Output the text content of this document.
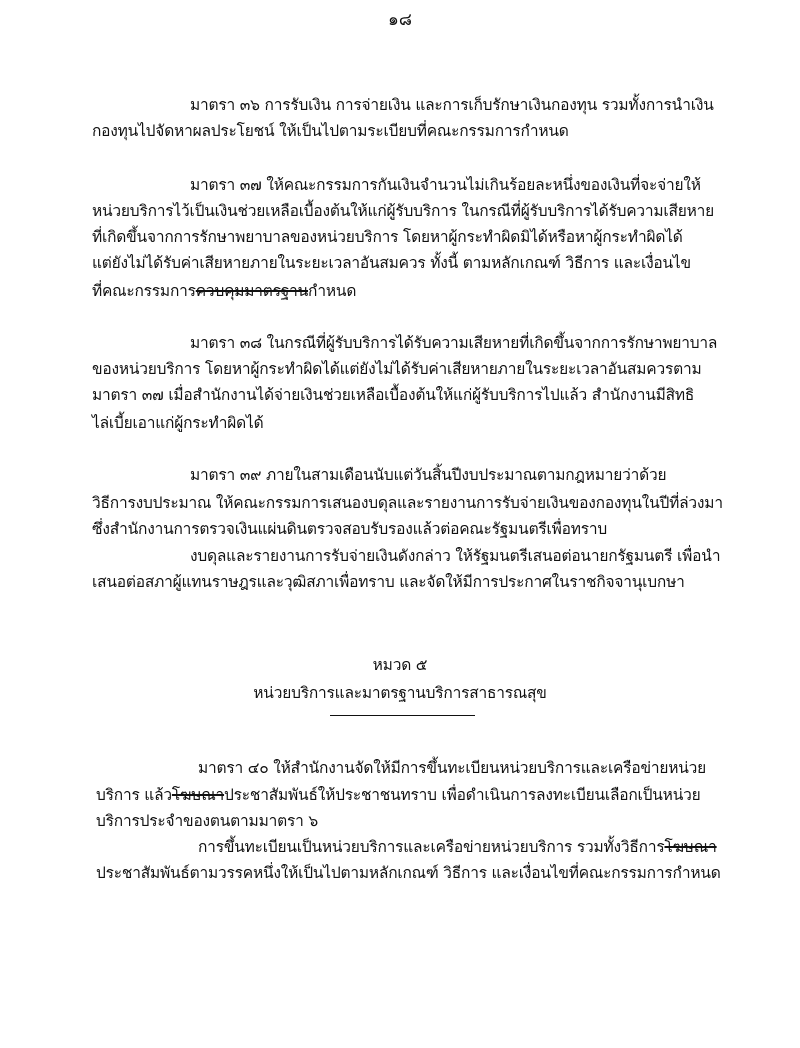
๑๘
มาตรา ๓๖ การรับเงิน การจ่ายเงิน และการเก็บรักษาเงินกองทุน รวมทั้งการนำเงิน
กองทุนไปจัดหาผลประโยชน์ ให้เป็นไปตามระเบียบที่คณะกรรมการกำหนด
มาตรา ๓๗ ให้คณะกรรมการกันเงินจำนวนไม่เกินร้อยละหนึ่งของเงินที่จะจ่ายให้
หน่วยบริการไว้เป็นเงินช่วยเหลือเบื้องต้นให้แก่ผู้รับบริการ ในกรณีที่ผู้รับบริการได้รับความเสียหาย
ที่เกิดขึ้นจากการรักษาพยาบาลของหน่วยบริการ โดยหาผู้กระทำผิดมิได้หรือหาผู้กระทำผิดได้
แต่ยังไม่ได้รับค่าเสียหายภายในระยะเวลาอันสมควร ทั้งนี้ ตามหลักเกณฑ์ วิธีการ และเงื่อนไข
ที่คณะกรรมการควบคุมมาตรฐานกำหนด
มาตรา ๓๘ ในกรณีที่ผู้รับบริการได้รับความเสียหายที่เกิดขึ้นจากการรักษาพยาบาล
ของหน่วยบริการ โดยหาผู้กระทำผิดได้แต่ยังไม่ได้รับค่าเสียหายภายในระยะเวลาอันสมควรตาม
มาตรา ๓๗ เมื่อสำนักงานได้จ่ายเงินช่วยเหลือเบื้องต้นให้แก่ผู้รับบริการไปแล้ว สำนักงานมีสิทธิ
ไล่เบี้ยเอาแก่ผู้กระทำผิดได้
มาตรา ๓๙ ภายในสามเดือนนับแต่วันสิ้นปีงบประมาณตามกฎหมายว่าด้วย
วิธีการงบประมาณ ให้คณะกรรมการเสนองบดุลและรายงานการรับจ่ายเงินของกองทุนในปีที่ล่วงมา
ซึ่งสำนักงานการตรวจเงินแผ่นดินตรวจสอบรับรองแล้วต่อคณะรัฐมนตรีเพื่อทราบ
งบดุลและรายงานการรับจ่ายเงินดังกล่าว ให้รัฐมนตรีเสนอต่อนายกรัฐมนตรี เพื่อนำ
เสนอต่อสภาผู้แทนราษฎรและวุฒิสภาเพื่อทราบ และจัดให้มีการประกาศในราชกิจจานุเบกษา
หมวด ๕
หน่วยบริการและมาตรฐานบริการสาธารณสุข
มาตรา ๔๐ ให้สำนักงานจัดให้มีการขึ้นทะเบียนหน่วยบริการและเครือข่ายหน่วย
บริการ แล้วโฆษณาประชาสัมพันธ์ให้ประชาชนทราบ เพื่อดำเนินการลงทะเบียนเลือกเป็นหน่วย
บริการประจำของตนตามมาตรา ๖
การขึ้นทะเบียนเป็นหน่วยบริการและเครือข่ายหน่วยบริการ รวมทั้งวิธีการโฆษณา
ประชาสัมพันธ์ตามวรรคหนึ่งให้เป็นไปตามหลักเกณฑ์ วิธีการ และเงื่อนไขที่คณะกรรมการกำหนด
